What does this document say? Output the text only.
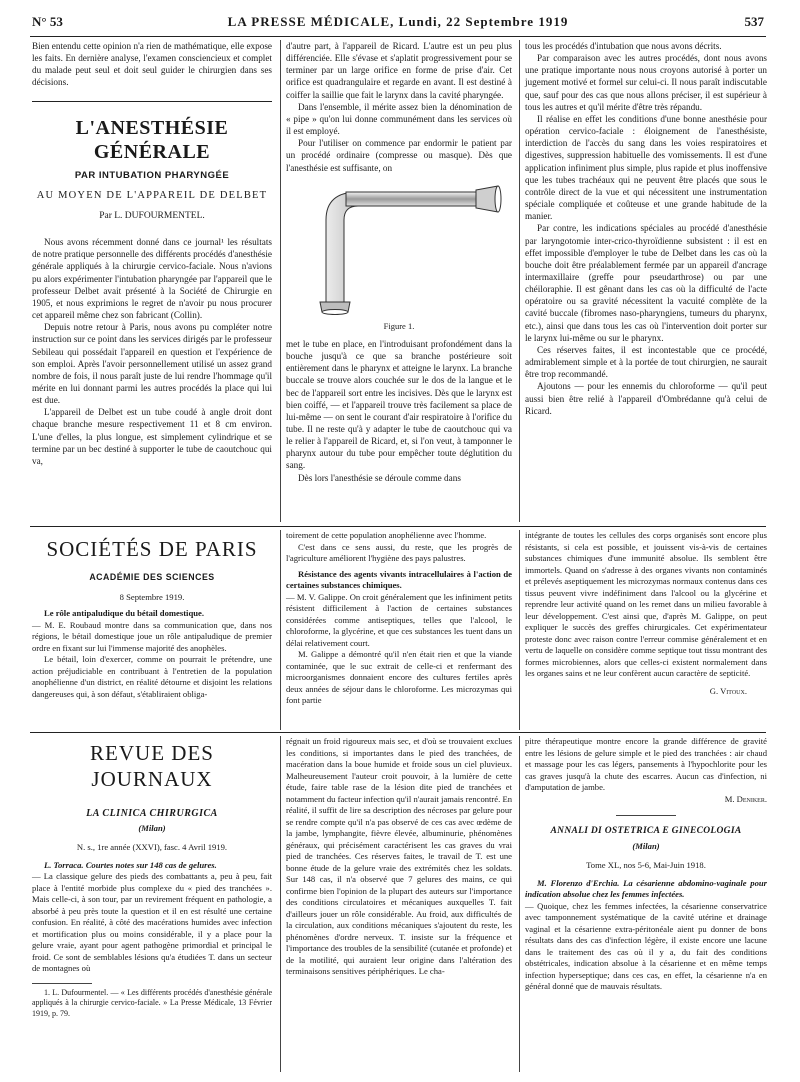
N° 53	LA PRESSE MÉDICALE, Lundi, 22 Septembre 1919	537

Bien entendu cette opinion n'a rien de mathématique, elle expose les faits. En dernière analyse, l'examen consciencieux et complet du malade peut seul et doit seul guider le chirurgien dans ses décisions.

L'ANESTHÉSIE GÉNÉRALE
PAR INTUBATION PHARYNGÉE
AU MOYEN DE L'APPAREIL DE DELBET
Par L. DUFOURMENTEL.

Nous avons récemment donné dans ce journal¹ les résultats de notre pratique personnelle des différents procédés d'anesthésie générale appliqués à la chirurgie cervico-faciale. Nous n'avions pu alors expérimenter l'intubation pharyngée par l'appareil que le professeur Delbet avait présenté à la Société de Chirurgie en 1905, et nous exprimions le regret de n'avoir pu nous procurer cet appareil même chez son fabricant (Collin).

Depuis notre retour à Paris, nous avons pu compléter notre instruction sur ce point dans les services dirigés par le professeur Sebileau qui possédait l'appareil en question et l'expérience de son emploi. Après l'avoir personnellement utilisé un assez grand nombre de fois, il nous paraît juste de lui rendre l'hommage qu'il mérite en lui donnant parmi les autres procédés la place qui lui est due.

L'appareil de Delbet est un tube coudé à angle droit dont chaque branche mesure respectivement 11 et 8 cm environ. L'une d'elles, la plus longue, est simplement cylindrique et se termine par un bec destiné à supporter le tube de caoutchouc qui va,

d'autre part, à l'appareil de Ricard. L'autre est un peu plus différenciée. Elle s'évase et s'aplatit progressivement pour se terminer par un large orifice en forme de prise d'air. Cet orifice est quadrangulaire et regarde en avant. Il est destiné à coiffer la saillie que fait le larynx dans la cavité pharyngée.

Dans l'ensemble, il mérite assez bien la dénomination de « pipe » qu'on lui donne communément dans les services où il est employé.

Pour l'utiliser on commence par endormir le patient par un procédé ordinaire (compresse ou masque). Dès que l'anesthésie est suffisante, on

Figure 1.

met le tube en place, en l'introduisant profondément dans la bouche jusqu'à ce que sa branche postérieure soit entièrement dans le pharynx et atteigne le larynx. La branche buccale se trouve alors couchée sur le dos de la langue et le bec de l'appareil sort entre les incisives. Dès que le larynx est bien coiffé, — et l'appareil trouve très facilement sa place de lui-même — on sent le courant d'air respiratoire à l'orifice du tube. Il ne reste qu'à y adapter le tube de caoutchouc qui va le relier à l'appareil de Ricard, et, si l'on veut, à tamponner le pharynx autour du tube pour empêcher toute déglutition du sang.

Dès lors l'anesthésie se déroule comme dans

tous les procédés d'intubation que nous avons décrits.

Par comparaison avec les autres procédés, dont nous avons une pratique importante nous nous croyons autorisé à porter un jugement motivé et formel sur celui-ci. Il nous paraît indiscutable que, sauf pour des cas que nous allons préciser, il est supérieur à tous les autres et qu'il mérite d'être très répandu.

Il réalise en effet les conditions d'une bonne anesthésie pour opération cervico-faciale : éloignement de l'anesthésiste, interdiction de l'accès du sang dans les voies respiratoires et digestives, suppression habituelle des vomissements. Il est d'une application infiniment plus simple, plus rapide et plus inoffensive que les tubes trachéaux qui ne peuvent être placés que sous le contrôle direct de la vue et qui nécessitent une instrumentation spéciale compliquée et coûteuse et une grande habitude de la manier.

Par contre, les indications spéciales au procédé d'anesthésie par laryngotomie inter-crico-thyroïdienne subsistent : il est en effet impossible d'employer le tube de Delbet dans les cas où la bouche doit être préalablement fermée par un appareil d'ancrage intermaxillaire (greffe pour pseudarthrose) ou par une chéiloraphie. Il est gênant dans les cas où la difficulté de l'acte opératoire ou sa gravité nécessitent la vacuité complète de la cavité buccale (fibromes naso-pharyngiens, tumeurs du pharynx, etc.), ainsi que dans tous les cas où l'intervention doit porter sur le larynx lui-même ou sur le pharynx.

Ces réserves faites, il est incontestable que ce procédé, admirablement simple et à la portée de tout chirurgien, ne saurait être trop recommandé.

Ajoutons — pour les ennemis du chloroforme — qu'il peut aussi bien être relié à l'appareil d'Ombrédanne qu'à celui de Ricard.

SOCIÉTÉS DE PARIS
ACADÉMIE DES SCIENCES
8 Septembre 1919.

Le rôle antipaludique du bétail domestique.

— M. E. Roubaud montre dans sa communication que, dans nos régions, le bétail domestique joue un rôle antipaludique de premier ordre en fixant sur lui l'immense majorité des anophèles.

Le bétail, loin d'exercer, comme on pourrait le prétendre, une action préjudiciable en contribuant à l'entretien de la population anophélienne d'un district, en réalité détourne et disjoint les relations dangereuses qui, à son défaut, s'établiraient obliga-

toirement de cette population anophélienne avec l'homme.

C'est dans ce sens aussi, du reste, que les progrès de l'agriculture améliorent l'hygiène des pays palustres.

Résistance des agents vivants intracellulaires à l'action de certaines substances chimiques.

— M. V. Galippe. On croit généralement que les infiniment petits résistent difficilement à l'action de certaines substances considérées comme antiseptiques, telles que l'alcool, le chloroforme, la glycérine, et que ces substances les tuent dans un délai relativement court.

M. Galippe a démontré qu'il n'en était rien et que la viande contaminée, que le suc extrait de celle-ci et renfermant des microorganismes donnaient encore des cultures fertiles après deux années de séjour dans le chloroforme. Les microzymas qui font partie

intégrante de toutes les cellules des corps organisés sont encore plus résistants, si cela est possible, et jouissent vis-à-vis de certaines substances chimiques d'une immunité absolue. Ils semblent être immortels. Quand on s'adresse à des organes vivants non contaminés et prélevés aseptiquement les microzymas normaux contenus dans ces tissus peuvent vivre indéfiniment dans l'alcool ou la glycérine et reprendre leur activité quand on les remet dans un milieu favorable à leur développement. C'est ainsi que, d'après M. Galippe, on peut expliquer le succès des greffes chirurgicales. Cet expérimentateur proteste donc avec raison contre l'erreur commise généralement et en vertu de laquelle on considère comme septique tout tissu montrant des formes microbiennes, alors que celles-ci existent normalement dans les organes sains et ne leur confèrent aucun caractère de septicité.

G. Vitoux.
REVUE DES JOURNAUX
LA CLINICA CHIRURGICA
(Milan)
N. s., 1re année (XXVI), fasc. 4 Avril 1919.

L. Torraca. Courtes notes sur 148 cas de gelures.

— La classique gelure des pieds des combattants a, peu à peu, fait place à l'entité morbide plus complexe du « pied des tranchées ». Mais celle-ci, à son tour, par un revirement fréquent en pathologie, a absorbé à peu près toute la question et il en est résulté une certaine confusion. En réalité, à côté des macérations humides avec infection et mortification plus ou moins considérable, il y a place pour la gelure vraie, ayant pour agent pathogène primordial et principal le froid. Ce sont de semblables lésions qu'a étudiées T. dans un secteur de montagnes où

1. L. Dufourmentel. — « Les différents procédés d'anesthésie générale appliqués à la chirurgie cervico-faciale. » La Presse Médicale, 13 Février 1919, p. 79.

régnait un froid rigoureux mais sec, et d'où se trouvaient exclues les conditions, si importantes dans le pied des tranchées, de macération dans la boue humide et froide sous un ciel pluvieux. Malheureusement l'auteur croit pouvoir, à la lumière de cette étude, faire table rase de la lésion dite pied de tranchées et notamment du facteur infection qu'il n'aurait jamais rencontré. En réalité, il suffit de lire sa description des nécroses par gelure pour se rendre compte qu'il n'a pas observé de ces cas avec œdème de la jambe, lymphangite, fièvre élevée, albuminurie, phénomènes généraux, qui précisément caractérisent les cas graves du vrai pied de tranchées. Ces réserves faites, le travail de T. est une bonne étude de la gelure vraie des extrémités chez les soldats. Sur 148 cas, il n'a observé que 7 gelures des mains, ce qui confirme bien l'opinion de la plupart des auteurs sur l'importance des conditions circulatoires et mécaniques auxquelles T. fait d'ailleurs jouer un rôle considérable. Au froid, aux difficultés de la circulation, aux conditions mécaniques s'ajoutent du reste, les phénomènes d'ordre nerveux. T. insiste sur la fréquence et l'importance des troubles de la sensibilité (cutanée et profonde) et de la motilité, qui auraient leur origine dans l'altération des terminaisons sensitives périphériques. Le cha-

pitre thérapeutique montre encore la grande différence de gravité entre les lésions de gelure simple et le pied des tranchées : air chaud et massage pour les cas légers, pansements à l'hypochlorite pour les cas graves jusqu'à la chute des escarres. Aucun cas d'infection, ni d'amputation de jambe.

M. Deniker.
ANNALI DI OSTETRICA E GINECOLOGIA
(Milan)
Tome XL, nos 5-6, Mai-Juin 1918.

M. Florenzo d'Erchia. La césarienne abdomino-vaginale pour indication absolue chez les femmes infectées.

— Quoique, chez les femmes infectées, la césarienne conservatrice avec tamponnement systématique de la cavité utérine et drainage vaginal et la césarienne extra-péritonéale aient pu donner de bons résultats dans des cas d'infection légère, il existe encore une lacune dans le traitement des cas où il y a, du fait des conditions obstétricales, indication absolue à la césarienne et en même temps infection hyperseptique; dans ces cas, en effet, la césarienne n'a en général donné que de mauvais résultats.
